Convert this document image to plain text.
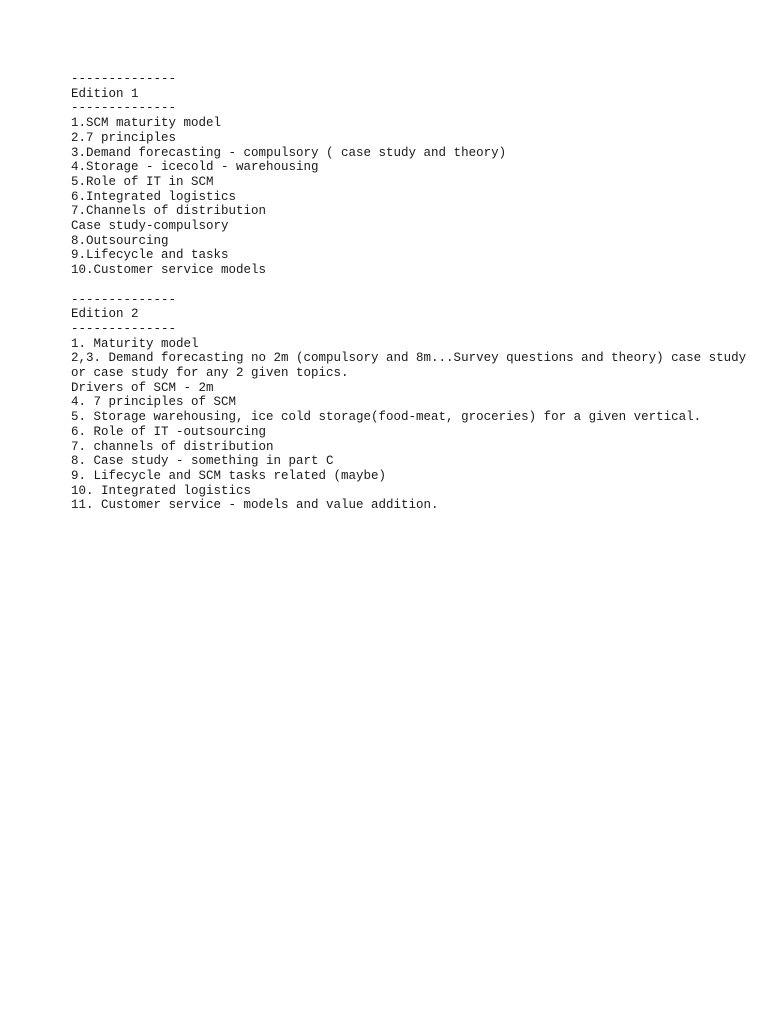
--------------

Edition 1

--------------

1.SCM maturity model

2.7 principles

3.Demand forecasting - compulsory ( case study and theory)

4.Storage - icecold - warehousing

5.Role of IT in SCM

6.Integrated logistics

7.Channels of distribution

Case study-compulsory

8.Outsourcing

9.Lifecycle and tasks

10.Customer service models

--------------

Edition 2

--------------

1. Maturity model

2,3. Demand forecasting no 2m (compulsory and 8m...Survey questions and theory) case study or case study for any 2 given topics.

Drivers of SCM - 2m

4. 7 principles of SCM

5. Storage warehousing, ice cold storage(food-meat, groceries) for a given vertical.

6. Role of IT -outsourcing

7. channels of distribution

8. Case study - something in part C

9. Lifecycle and SCM tasks related (maybe)

10. Integrated logistics

11. Customer service - models and value addition.
